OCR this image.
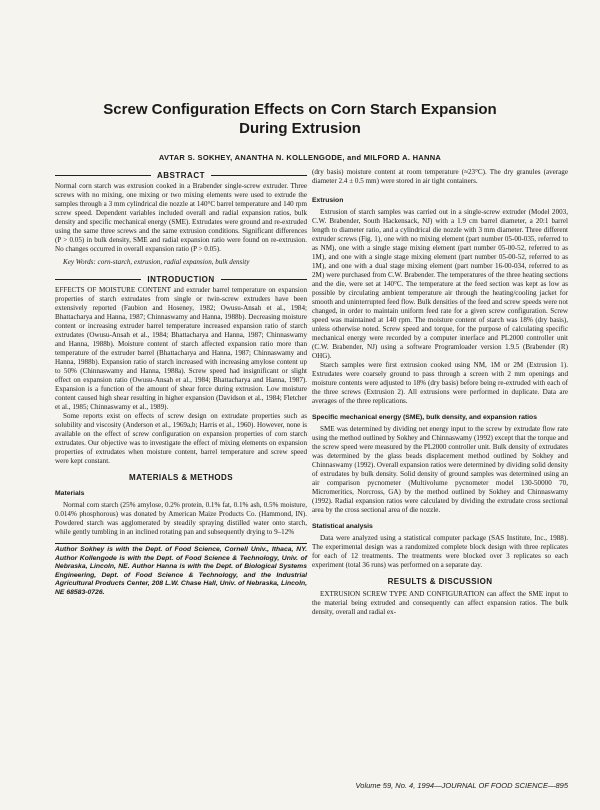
Screw Configuration Effects on Corn Starch Expansion
During Extrusion
AVTAR S. SOKHEY, ANANTHA N. KOLLENGODE, and MILFORD A. HANNA
ABSTRACT

Normal corn starch was extrusion cooked in a Brabender single-screw extruder. Three screws with no mixing, one mixing or two mixing elements were used to extrude the samples through a 3 mm cylindrical die nozzle at 140°C barrel temperature and 140 rpm screw speed. Dependent variables included overall and radial expansion ratios, bulk density and specific mechanical energy (SME). Extrudates were ground and re-extruded using the same three screws and the same extrusion conditions. Significant differences (P > 0.05) in bulk density, SME and radial expansion ratio were found on re-extrusion. No changes occurred in overall expansion ratio (P > 0.05).

Key Words: corn-starch, extrusion, radial expansion, bulk density

INTRODUCTION

EFFECTS OF MOISTURE CONTENT and extruder barrel temperature on expansion properties of starch extrudates from single or twin-screw extruders have been extensively reported (Faubion and Hoseney, 1982; Owusu-Ansah et al., 1984; Bhattacharya and Hanna, 1987; Chinnaswamy and Hanna, 1988b). Decreasing moisture content or increasing extruder barrel temperature increased expansion ratio of starch extrudates (Owusu-Ansah et al., 1984; Bhattacharya and Hanna, 1987; Chinnaswamy and Hanna, 1988b). Moisture content of starch affected expansion ratio more than temperature of the extruder barrel (Bhattacharya and Hanna, 1987; Chinnaswamy and Hanna, 1988b). Expansion ratio of starch increased with increasing amylose content up to 50% (Chinnaswamy and Hanna, 1988a). Screw speed had insignificant or slight effect on expansion ratio (Owusu-Ansah et al., 1984; Bhattacharya and Hanna, 1987). Expansion is a function of the amount of shear force during extrusion. Low moisture content caused high shear resulting in higher expansion (Davidson et al., 1984; Fletcher et al., 1985; Chinnaswamy et al., 1989).

Some reports exist on effects of screw design on extrudate properties such as solubility and viscosity (Anderson et al., 1969a,b; Harris et al., 1960). However, none is available on the effect of screw configuration on expansion properties of corn starch extrudates. Our objective was to investigate the effect of mixing elements on expansion properties of extrudates when moisture content, barrel temperature and screw speed were kept constant.

MATERIALS & METHODS
Materials

Normal corn starch (25% amylose, 0.2% protein, 0.1% fat, 0.1% ash, 0.5% moisture, 0.014% phosphorous) was donated by American Maize Products Co. (Hammond, IN). Powdered starch was agglomerated by steadily spraying distilled water onto starch, while gently tumbling in an inclined rotating pan and subsequently drying to 9–12%

Author Sokhey is with the Dept. of Food Science, Cornell Univ., Ithaca, NY. Author Kollengode is with the Dept. of Food Science & Technology, Univ. of Nebraska, Lincoln, NE. Author Hanna is with the Dept. of Biological Systems Engineering, Dept. of Food Science & Technology, and the Industrial Agricultural Products Center, 208 L.W. Chase Hall, Univ. of Nebraska, Lincoln, NE 68583-0726.

(dry basis) moisture content at room temperature (≈23°C). The dry granules (average diameter 2.4 ± 0.5 mm) were stored in air tight containers.

Extrusion

Extrusion of starch samples was carried out in a single-screw extruder (Model 2003, C.W. Brabender, South Hackensack, NJ) with a 1.9 cm barrel diameter, a 20:1 barrel length to diameter ratio, and a cylindrical die nozzle with 3 mm diameter. Three different extruder screws (Fig. 1), one with no mixing element (part number 05-00-035, referred to as NM), one with a single stage mixing element (part number 05-00-52, referred to as 1M), and one with a single stage mixing element (part number 05-00-52, referred to as 1M), and one with a dual stage mixing element (part number 16-00-034, referred to as 2M) were purchased from C.W. Brabender. The temperatures of the three heating sections and the die, were set at 140°C. The temperature at the feed section was kept as low as possible by circulating ambient temperature air through the heating/cooling jacket for smooth and uninterrupted feed flow. Bulk densities of the feed and screw speeds were not changed, in order to maintain uniform feed rate for a given screw configuration. Screw speed was maintained at 140 rpm. The moisture content of starch was 18% (dry basis), unless otherwise noted. Screw speed and torque, for the purpose of calculating specific mechanical energy were recorded by a computer interface and PL2000 controller unit (C.W. Brabender, NJ) using a software Programloader version 1.9.5 (Brabender (R) OHG).

Starch samples were first extrusion cooked using NM, 1M or 2M (Extrusion 1). Extrudates were coarsely ground to pass through a screen with 2 mm openings and moisture contents were adjusted to 18% (dry basis) before being re-extruded with each of the three screws (Extrusion 2). All extrusions were performed in duplicate. Data are averages of the three replications.

Specific mechanical energy (SME), bulk density, and expansion ratios

SME was determined by dividing net energy input to the screw by extrudate flow rate using the method outlined by Sokhey and Chinnaswamy (1992) except that the torque and the screw speed were measured by the PL2000 controller unit. Bulk density of extrudates was determined by the glass beads displacement method outlined by Sokhey and Chinnaswamy (1992). Overall expansion ratios were determined by dividing solid density of extrudates by bulk density. Solid density of ground samples was determined using an air comparison pycnometer (Multivolume pycnometer model 130-50000 70, Micromeritics, Norcross, GA) by the method outlined by Sokhey and Chinnaswamy (1992). Radial expansion ratios were calculated by dividing the extrudate cross sectional area by the cross sectional area of die nozzle.

Statistical analysis

Data were analyzed using a statistical computer package (SAS Institute, Inc., 1988). The experimental design was a randomized complete block design with three replicates for each of 12 treatments. The treatments were blocked over 3 replicates so each experiment (total 36 runs) was performed on a separate day.

RESULTS & DISCUSSION

EXTRUSION SCREW TYPE AND CONFIGURATION can affect the SME input to the material being extruded and consequently can affect expansion ratios. The bulk density, overall and radial ex-

Volume 59, No. 4, 1994—JOURNAL OF FOOD SCIENCE—895
